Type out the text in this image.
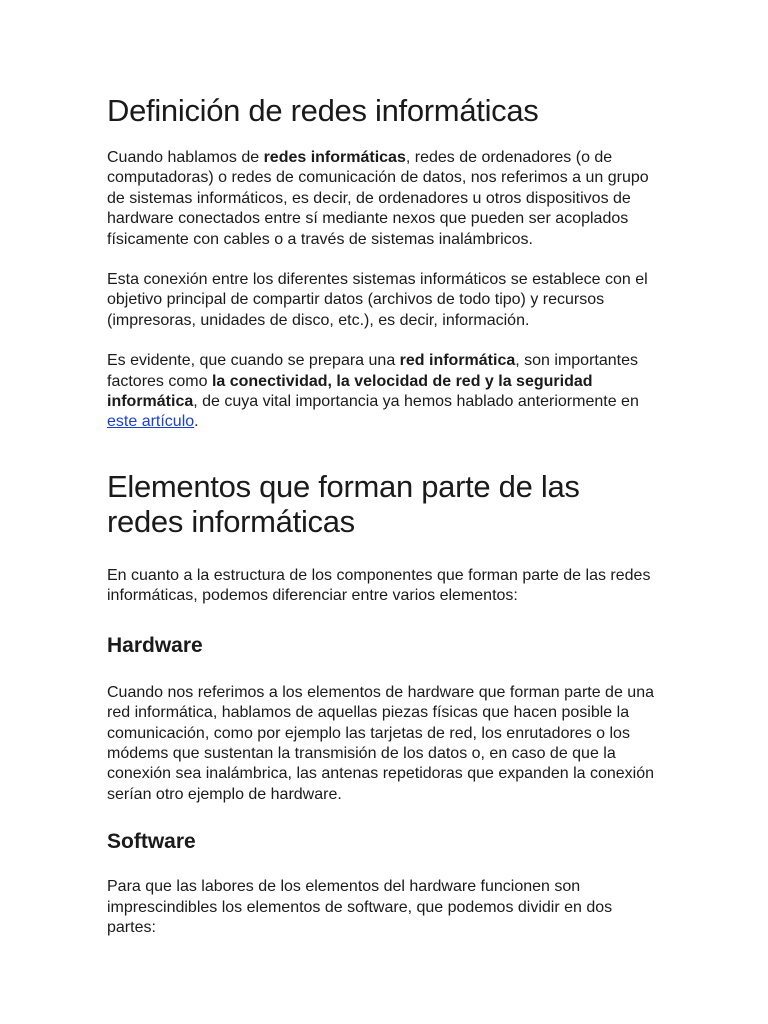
Definición de redes informáticas

Cuando hablamos de redes informáticas, redes de ordenadores (o de computadoras) o redes de comunicación de datos, nos referimos a un grupo de sistemas informáticos, es decir, de ordenadores u otros dispositivos de hardware conectados entre sí mediante nexos que pueden ser acoplados físicamente con cables o a través de sistemas inalámbricos.

Esta conexión entre los diferentes sistemas informáticos se establece con el objetivo principal de compartir datos (archivos de todo tipo) y recursos (impresoras, unidades de disco, etc.), es decir, información.

Es evidente, que cuando se prepara una red informática, son importantes factores como la conectividad, la velocidad de red y la seguridad informática, de cuya vital importancia ya hemos hablado anteriormente en este artículo.

Elementos que forman parte de las redes informáticas

En cuanto a la estructura de los componentes que forman parte de las redes informáticas, podemos diferenciar entre varios elementos:

Hardware

Cuando nos referimos a los elementos de hardware que forman parte de una red informática, hablamos de aquellas piezas físicas que hacen posible la comunicación, como por ejemplo las tarjetas de red, los enrutadores o los módems que sustentan la transmisión de los datos o, en caso de que la conexión sea inalámbrica, las antenas repetidoras que expanden la conexión serían otro ejemplo de hardware.

Software

Para que las labores de los elementos del hardware funcionen son imprescindibles los elementos de software, que podemos dividir en dos partes:
